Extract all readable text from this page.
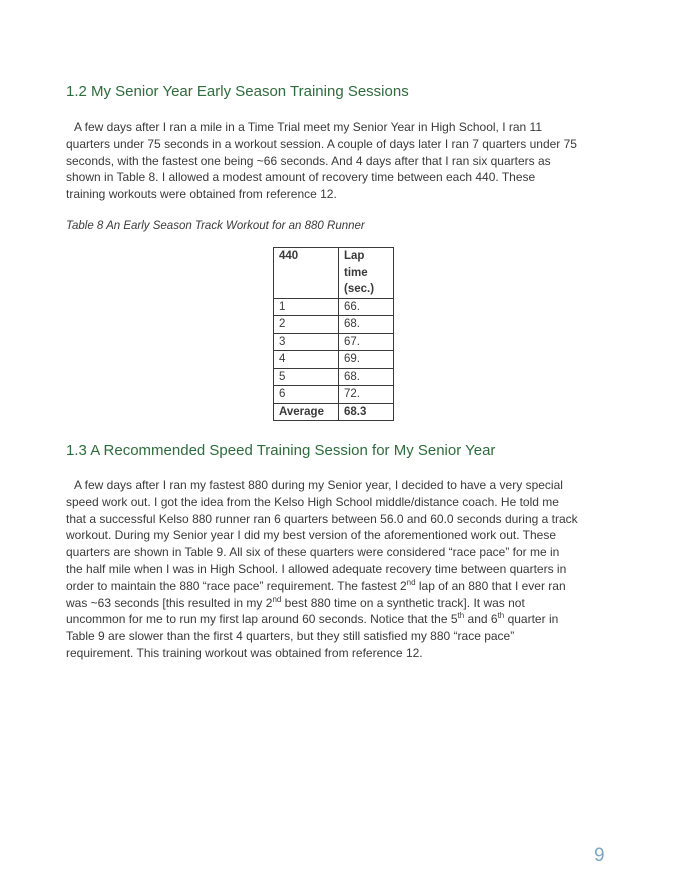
1.2 My Senior Year Early Season Training Sessions

A few days after I ran a mile in a Time Trial meet my Senior Year in High School, I ran 11
quarters under 75 seconds in a workout session. A couple of days later I ran 7 quarters under 75
seconds, with the fastest one being ~66 seconds. And 4 days after that I ran six quarters as
shown in Table 8. I allowed a modest amount of recovery time between each 440. These
training workouts were obtained from reference 12.

Table 8 An Early Season Track Workout for an 880 Runner

440	Lap
time
(sec.)

1	66.
2	68.
3	67.
4	69.
5	68.
6	72.
Average	68.3
1.3 A Recommended Speed Training Session for My Senior Year

A few days after I ran my fastest 880 during my Senior year, I decided to have a very special
speed work out. I got the idea from the Kelso High School middle/distance coach. He told me
that a successful Kelso 880 runner ran 6 quarters between 56.0 and 60.0 seconds during a track
workout. During my Senior year I did my best version of the aforementioned work out. These
quarters are shown in Table 9. All six of these quarters were considered “race pace” for me in
the half mile when I was in High School. I allowed adequate recovery time between quarters in
order to maintain the 880 “race pace” requirement. The fastest 2nd lap of an 880 that I ever ran
was ~63 seconds [this resulted in my 2nd best 880 time on a synthetic track]. It was not
uncommon for me to run my first lap around 60 seconds. Notice that the 5th and 6th quarter in
Table 9 are slower than the first 4 quarters, but they still satisfied my 880 “race pace”
requirement. This training workout was obtained from reference 12.

9
